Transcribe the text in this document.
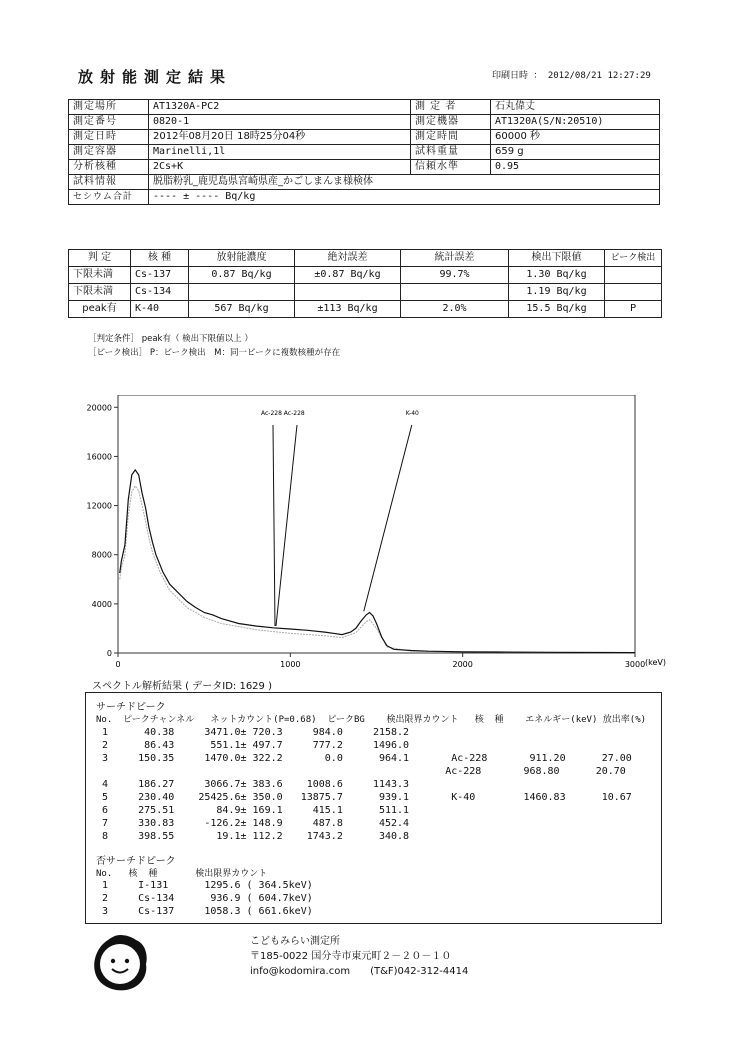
放射能測定結果	印刷日時 ： 2012/08/21 12:27:29
測定場所	AT1320A-PC2	測 定 者	石丸偉丈
測定番号	0820-1	測定機器	AT1320A(S/N:20510)
測定日時	2012年08月20日 18時25分04秒	測定時間	60000 秒
測定容器	Marinelli,1l	試料重量	659 g
分析核種	2Cs+K	信頼水準	0.95
試料情報	脱脂粉乳_鹿児島県宮崎県産_かごしまんま様検体		
セシウム合計	---- ± ---- Bq/kg		
判 定	核 種	放射能濃度	絶対誤差	統計誤差	検出下限値	ピーク検出
下限未満	Cs-137	0.87 Bq/kg	±0.87 Bq/kg	99.7%	1.30 Bq/kg	
下限未満	Cs-134				1.19 Bq/kg	
peak有	K-40	567 Bq/kg	±113 Bq/kg	2.0%	15.5 Bq/kg	P
［判定条件］ peak有（ 検出下限値以上 ）
［ピーク検出］ P：ピーク検出　M：同一ピークに複数核種が存在
0
4000
8000
12000
16000
20000
0	1000	2000	3000
Ac-228 Ac-228	K-40
(keV)
スペクトル解析結果 ( データID: 1629 )
サーチドピーク
No.  ピークチャンネル   ネットカウント(P=0.68)  ピークBG    検出限界カウント   核  種    エネルギー(keV) 放出率(%)
1      40.38     3471.0± 720.3     984.0     2158.2
2      86.43      551.1± 497.7     777.2     1496.0
3     150.35     1470.0± 322.2       0.0      964.1       Ac-228       911.20      27.00
Ac-228       968.80      20.70
4     186.27     3066.7± 383.6    1008.6     1143.3
5     230.40    25425.6± 350.0   13875.7      939.1       K-40        1460.83      10.67
6     275.51       84.9± 169.1     415.1      511.1
7     330.83     -126.2± 148.9     487.8      452.4
8     398.55       19.1± 112.2    1743.2      340.8
否サーチドピーク
No.   核  種       検出限界カウント
1     I-131      1295.6 ( 364.5keV)
2     Cs-134      936.9 ( 604.7keV)
3     Cs-137     1058.3 ( 661.6keV)
こどもみらい測定所
〒185-0022 国分寺市東元町２－２０－１０
info@kodomira.com　　(T&F)042-312-4414
